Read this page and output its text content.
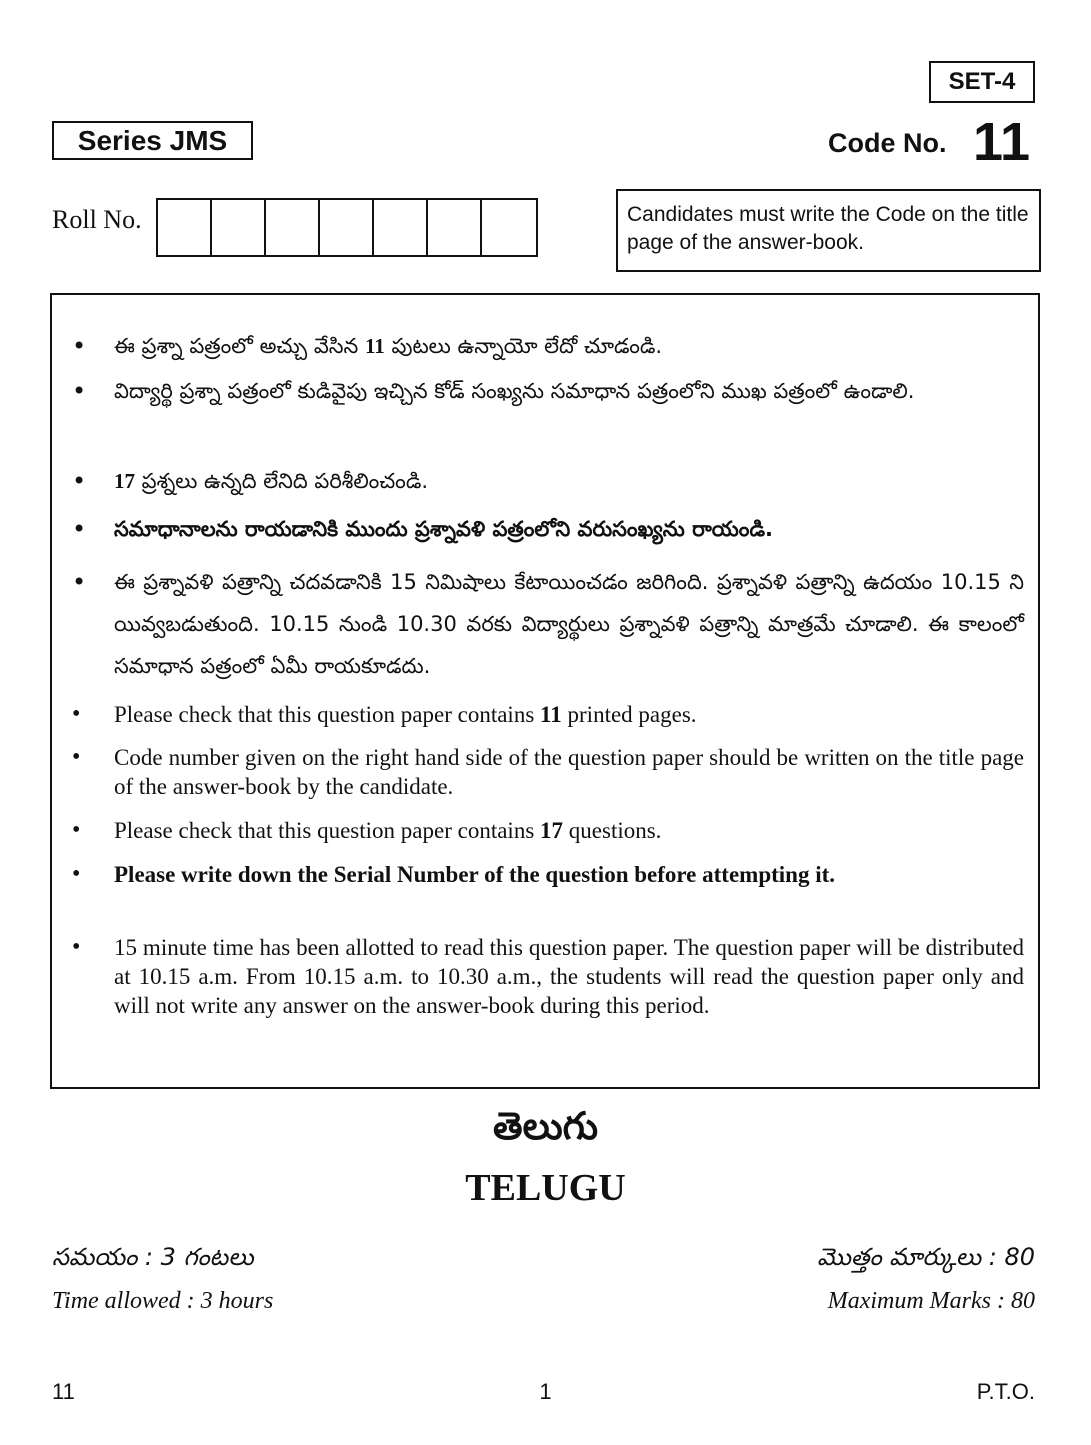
SET-4
Series JMS	Code No. 11
Roll No.	Candidates must write the Code on the title page of the answer-book.
• ఈ ప్రశ్నా పత్రంలో అచ్చు వేసిన 11 పుటలు ఉన్నాయో లేదో చూడండి.
• విద్యార్థి ప్రశ్నా పత్రంలో కుడివైపు ఇచ్చిన కోడ్ సంఖ్యను సమాధాన పత్రంలోని ముఖ పత్రంలో ఉండాలి.
• 17 ప్రశ్నలు ఉన్నది లేనిది పరిశీలించండి.
• సమాధానాలను రాయడానికి ముందు ప్రశ్నావళి పత్రంలోని వరుసంఖ్యను రాయండి.
• ఈ ప్రశ్నావళి పత్రాన్ని చదవడానికి 15 నిమిషాలు కేటాయించడం జరిగింది. ప్రశ్నావళి పత్రాన్ని ఉదయం 10.15 ని యివ్వబడుతుంది. 10.15 నుండి 10.30 వరకు విద్యార్థులు ప్రశ్నావళి పత్రాన్ని మాత్రమే చూడాలి. ఈ కాలంలో సమాధాన పత్రంలో ఏమీ రాయకూడదు.
• Please check that this question paper contains 11 printed pages.
• Code number given on the right hand side of the question paper should be written on the title page of the answer-book by the candidate.
• Please check that this question paper contains 17 questions.
• Please write down the Serial Number of the question before attempting it.
• 15 minute time has been allotted to read this question paper. The question paper will be distributed at 10.15 a.m. From 10.15 a.m. to 10.30 a.m., the students will read the question paper only and will not write any answer on the answer-book during this period.
తెలుగు
TELUGU
సమయం : 3 గంటలు
Time allowed : 3 hours
మొత్తం మార్కులు : 80
Maximum Marks : 80
11	1	P.T.O.
